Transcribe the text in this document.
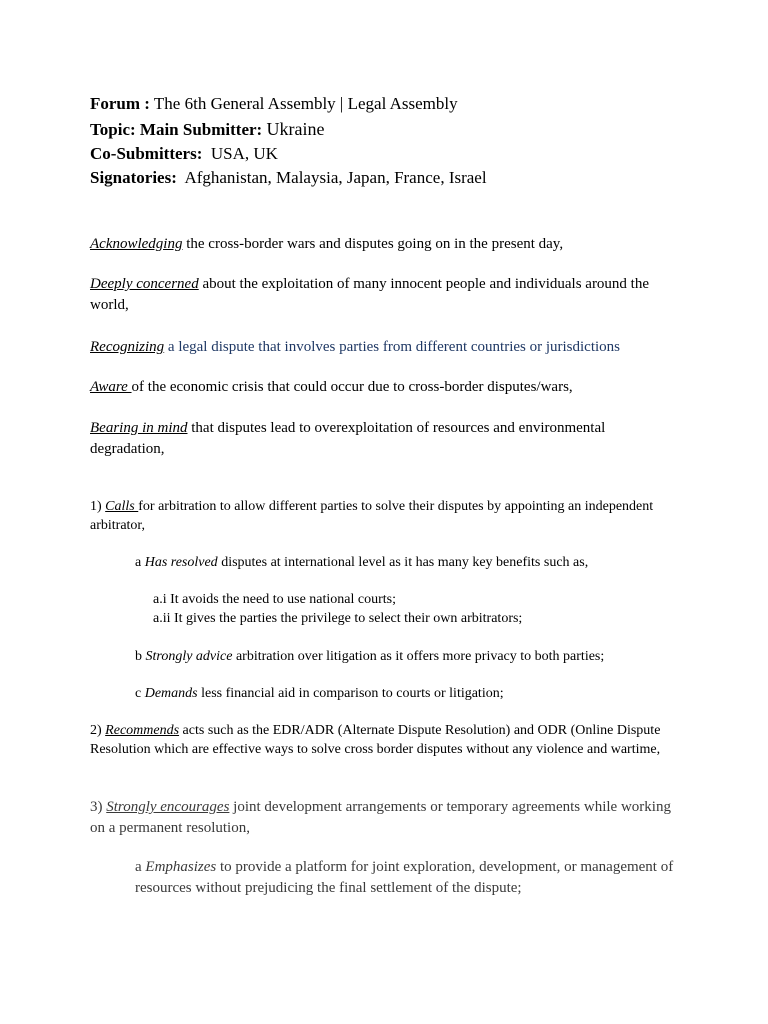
Forum : The 6th General Assembly | Legal Assembly
Topic: Main Submitter: Ukraine
Co-Submitters: USA, UK
Signatories: Afghanistan, Malaysia, Japan, France, Israel
Acknowledging the cross-border wars and disputes going on in the present day,
Deeply concerned about the exploitation of many innocent people and individuals around the world,
Recognizing a legal dispute that involves parties from different countries or jurisdictions
Aware of the economic crisis that could occur due to cross-border disputes/wars,
Bearing in mind that disputes lead to overexploitation of resources and environmental degradation,
1) Calls for arbitration to allow different parties to solve their disputes by appointing an independent arbitrator,
a Has resolved disputes at international level as it has many key benefits such as,
a.i It avoids the need to use national courts;
a.ii It gives the parties the privilege to select their own arbitrators;
b Strongly advice arbitration over litigation as it offers more privacy to both parties;
c Demands less financial aid in comparison to courts or litigation;
2) Recommends acts such as the EDR/ADR (Alternate Dispute Resolution) and ODR (Online Dispute Resolution which are effective ways to solve cross border disputes without any violence and wartime,
3) Strongly encourages joint development arrangements or temporary agreements while working on a permanent resolution,
a Emphasizes to provide a platform for joint exploration, development, or management of resources without prejudicing the final settlement of the dispute;
